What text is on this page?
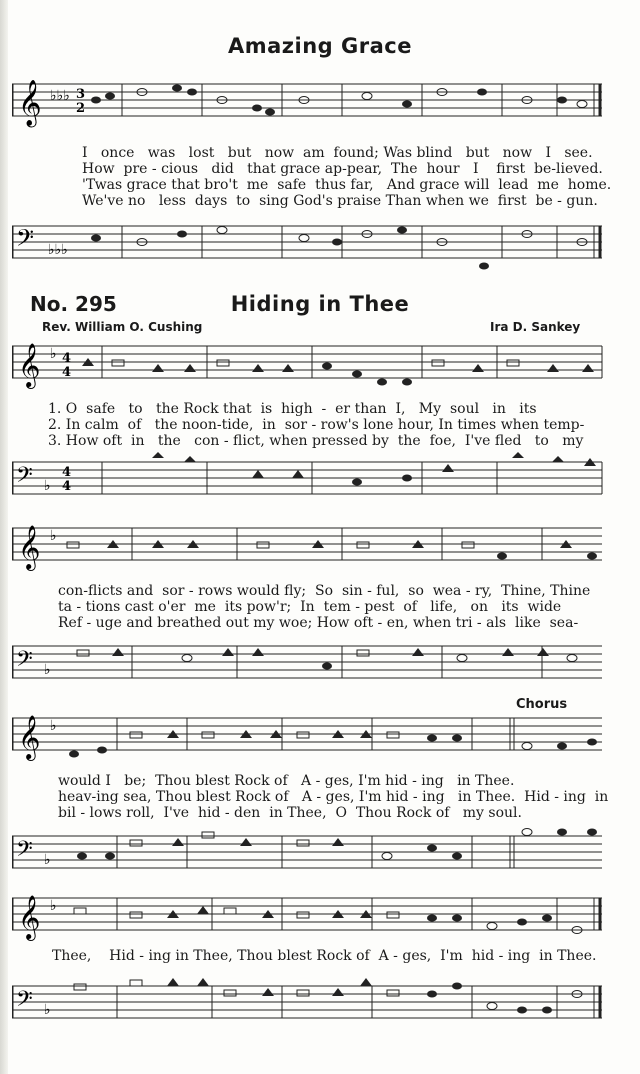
Amazing Grace
𝄞 ♭♭♭ 3
2
I   once   was   lost   but   now  am  found; Was blind   but   now   I   see.
How  pre - cious   did   that grace ap-pear,  The  hour   I    first  be-lieved.
'Twas grace that bro't  me  safe  thus far,   And grace will  lead  me  home.
We've no   less  days  to  sing God's praise Than when we  first  be - gun.
𝄢 ♭♭♭
No. 295	Hiding in Thee
Rev. William O. Cushing	Ira D. Sankey
𝄞 ♭ 4
4
1. O  safe   to   the Rock that  is  high  -  er than  I,   My  soul   in   its
2. In calm  of   the noon-tide,  in  sor - row's lone hour, In times when temp-
3. How oft  in   the   con - flict, when pressed by  the  foe,  I've fled   to   my
𝄢 ♭
4
4
𝄞 ♭
con-flicts and  sor - rows would fly;  So  sin - ful,  so  wea - ry,  Thine, Thine
ta - tions cast o'er  me  its pow'r;  In  tem - pest  of   life,   on   its  wide
Ref - uge and breathed out my woe; How oft - en, when tri - als  like  sea-
𝄢 ♭
Chorus
𝄞 ♭
would I   be;  Thou blest Rock of   A - ges, I'm hid - ing   in Thee.
heav-ing sea, Thou blest Rock of   A - ges, I'm hid - ing   in Thee.  Hid - ing  in
bil - lows roll,  I've  hid - den  in Thee,  O  Thou Rock of   my soul.
𝄢 ♭
𝄞 ♭
Thee,    Hid - ing in Thee, Thou blest Rock of  A - ges,  I'm  hid - ing  in Thee.
𝄢 ♭
